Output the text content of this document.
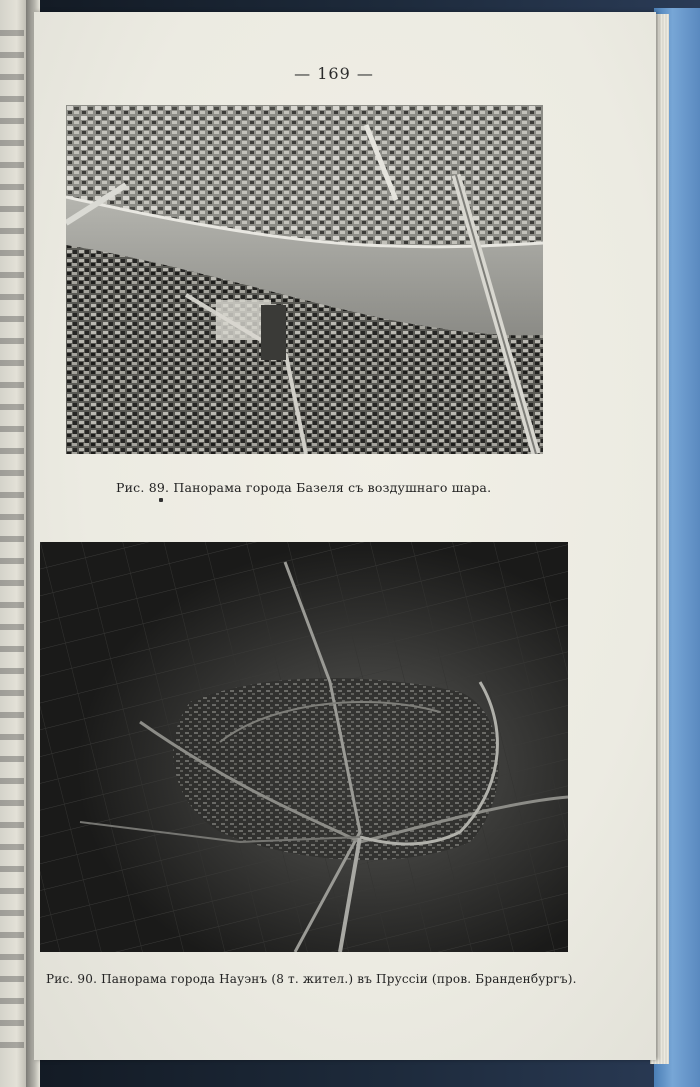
— 169 —
Рис. 89. Панорама города Базеля съ воздушнаго шара.
Рис. 90. Панорама города Науэнъ (8 т. жител.) въ Пруссіи (пров. Бранденбургъ).
